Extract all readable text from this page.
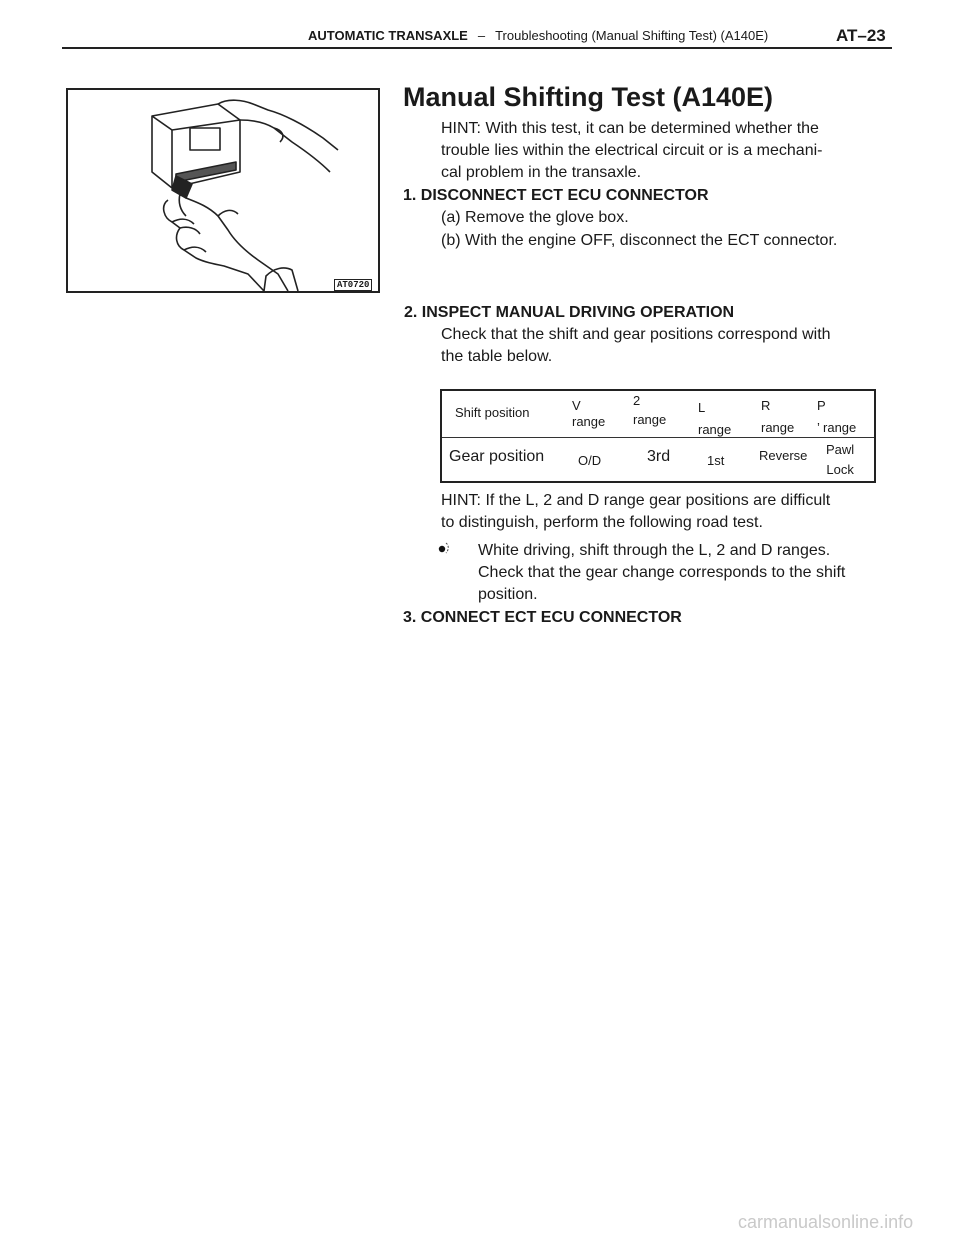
AUTOMATIC TRANSAXLE – Troubleshooting (Manual Shifting Test) (A140E)	AT–23
AT0720
Manual Shifting Test (A140E)
HINT: With this test, it can be determined whether the
trouble lies within the electrical circuit or is a mechani-
cal problem in the transaxle.
1. DISCONNECT ECT ECU CONNECTOR
(a) Remove the glove box.
(b) With the engine OFF, disconnect the ECT connector.
2. INSPECT MANUAL DRIVING OPERATION
Check that the shift and gear positions correspond with
the table below.
Shift position
Gear position
V
range
O/D
2
range
3rd
L
range
1st
R
range
Reverse
P
’ range
Pawl
Lock
HINT: If the L, 2 and D range gear positions are difficult
to distinguish, perform the following road test.
White driving, shift through the L, 2 and D ranges.
Check that the gear change corresponds to the shift
position.
3. CONNECT ECT ECU CONNECTOR
carmanualsonline.info
